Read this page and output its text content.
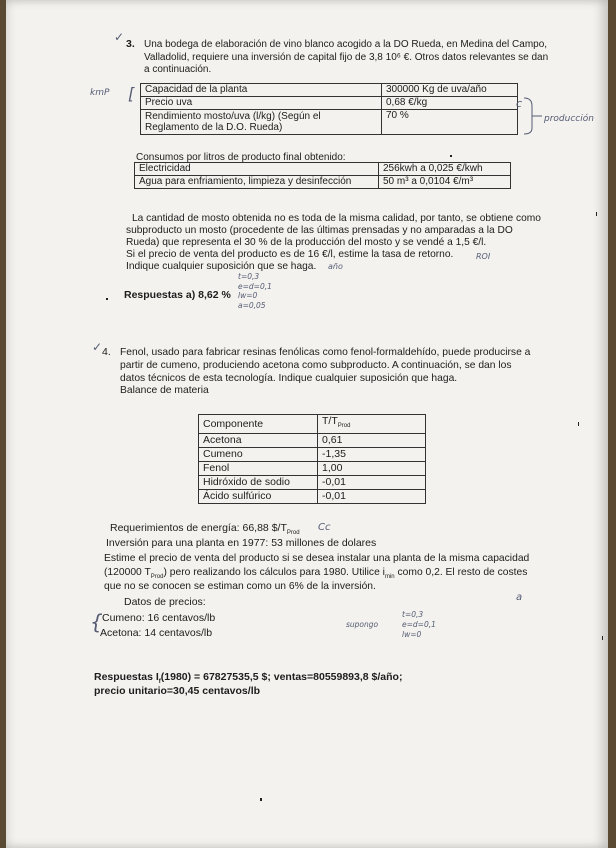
✓ 3. Una bodega de elaboración de vino blanco acogido a la DO Rueda, en Medina del Campo,
Valladolid, requiere una inversión de capital fijo de 3,8 10⁶ €. Otros datos relevantes se dan
a continuación.
kmP [ Capacidad de la planta	300000 Kg de uva/año
Precio uva	0,68 €/kg
Rendimiento mosto/uva (l/kg) (Según el
Reglamento de la D.O. Rueda)	70 %
c
producción
Consumos por litros de producto final obtenido:
Electricidad	256kwh a 0,025 €/kwh
Agua para enfriamiento, limpieza y desinfección	50 m³ a 0,0104 €/m³
La cantidad de mosto obtenida no es toda de la misma calidad, por tanto, se obtiene como
subproducto un mosto (procedente de las últimas prensadas y no amparadas a la DO
Rueda) que representa el 30 % de la producción del mosto y se vendé a 1,5 €/l.
Si el precio de venta del producto es de 16 €/l, estime la tasa de retorno.	ROI
Indique cualquier suposición que se haga. año
Respuestas a) 8,62 %
t=0,3
e=d=0,1
lw=0
a=0,05
✓ 4. Fenol, usado para fabricar resinas fenólicas como fenol-formaldehído, puede producirse a
partir de cumeno, produciendo acetona como subproducto. A continuación, se dan los
datos técnicos de esta tecnología. Indique cualquier suposición que haga.
Balance de materia
Componente	$T/T_{Prod}$
Acetona	0,61
Cumeno	-1,35
Fenol	1,00
Hidróxido de sodio	-0,01
Ácido sulfúrico	-0,01
Requerimientos de energía: 66,88 $\$/T_{Prod}$
Cc
Inversión para una planta en 1977: 53 millones de dolares
Estime el precio de venta del producto si se desea instalar una planta de la misma capacidad
(120000 $T_{Prod}$) pero realizando los cálculos para 1980. Utilice $i_{min}$ como 0,2. El resto de costes
que no se conocen se estiman como un 6% de la inversión.
a
Datos de precios:
{ Cumeno: 16 centavos/lb
Acetona: 14 centavos/lb
supongo
t=0,3
e=d=0,1
lw=0
Respuestas $I_f(1980) = 67827535,5$ $; ventas=80559893,8 $/año;
precio unitario=30,45 centavos/lb
